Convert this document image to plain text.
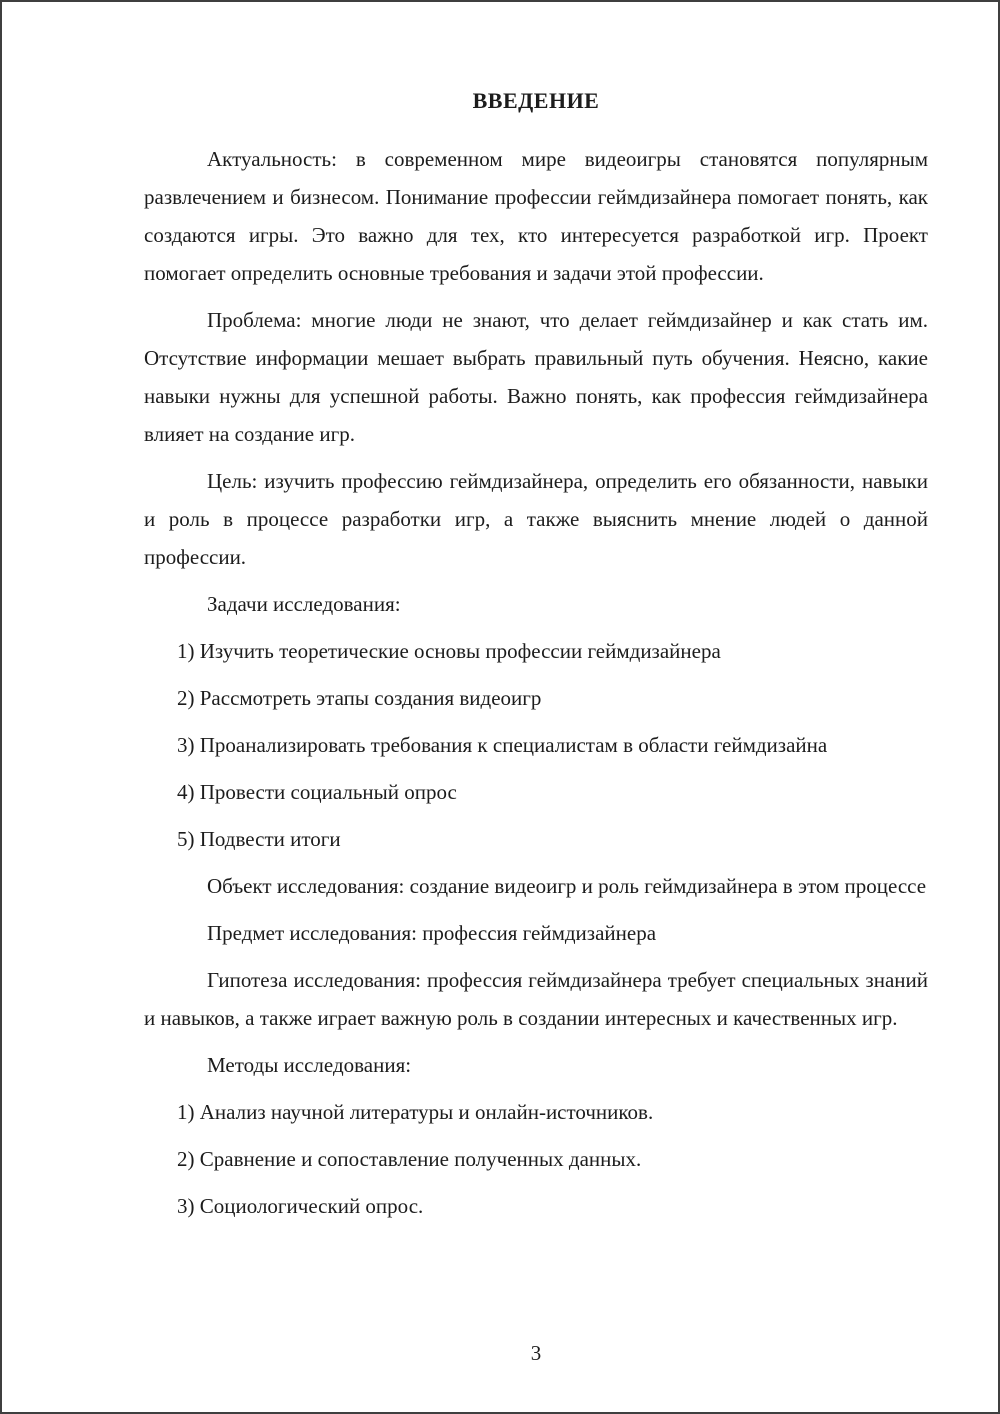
ВВЕДЕНИЕ

Актуальность: в современном мире видеоигры становятся популярным развлечением и бизнесом. Понимание профессии геймдизайнера помогает понять, как создаются игры. Это важно для тех, кто интересуется разработкой игр. Проект помогает определить основные требования и задачи этой профессии.

Проблема: многие люди не знают, что делает геймдизайнер и как стать им. Отсутствие информации мешает выбрать правильный путь обучения. Неясно, какие навыки нужны для успешной работы. Важно понять, как профессия геймдизайнера влияет на создание игр.

Цель: изучить профессию геймдизайнера, определить его обязанности, навыки и роль в процессе разработки игр, а также выяснить мнение людей о данной профессии.

Задачи исследования:

1) Изучить теоретические основы профессии геймдизайнера

2) Рассмотреть этапы создания видеоигр

3) Проанализировать требования к специалистам в области геймдизайна

4) Провести социальный опрос

5) Подвести итоги

Объект исследования: создание видеоигр и роль геймдизайнера в этом процессе

Предмет исследования: профессия геймдизайнера

Гипотеза исследования: профессия геймдизайнера требует специальных знаний и навыков, а также играет важную роль в создании интересных и качественных игр.

Методы исследования:

1) Анализ научной литературы и онлайн-источников.

2) Сравнение и сопоставление полученных данных.

3) Социологический опрос.

3
